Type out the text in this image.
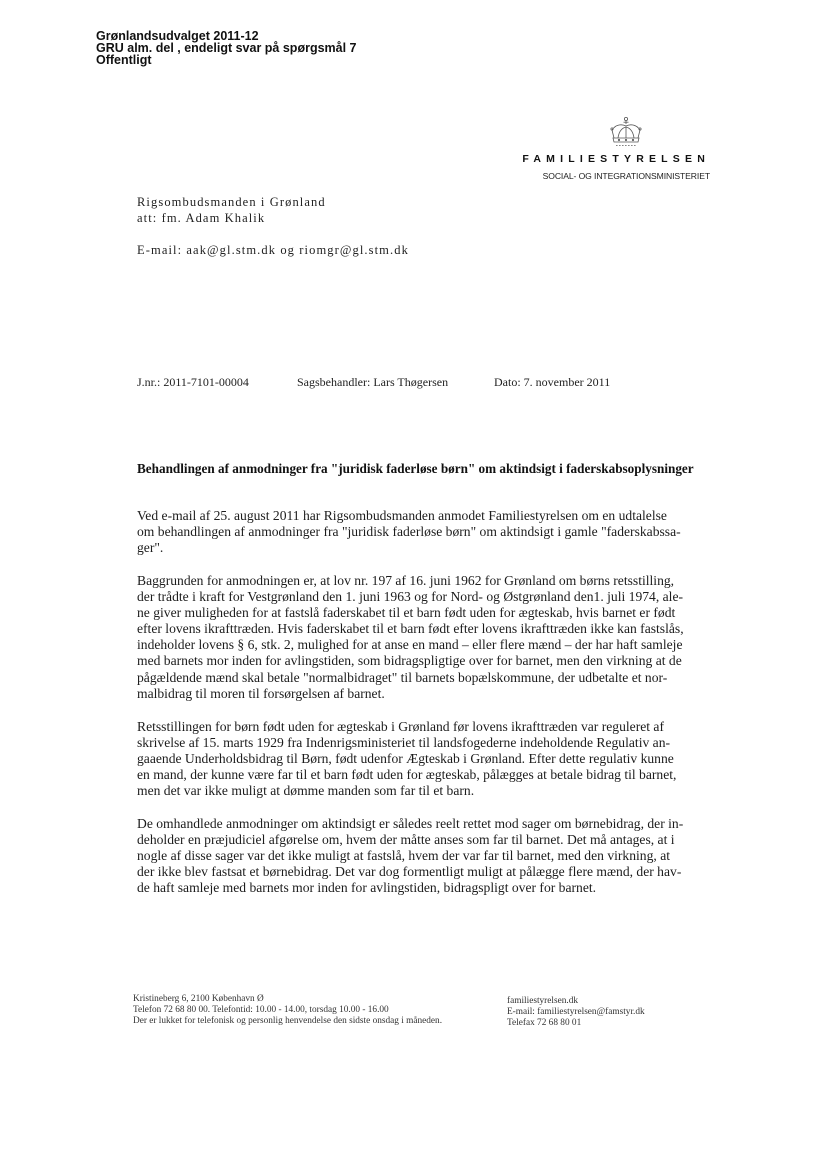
Grønlandsudvalget 2011-12
GRU alm. del , endeligt svar på spørgsmål 7
Offentligt
FAMILIESTYRELSEN
SOCIAL- OG INTEGRATIONSMINISTERIET
Rigsombudsmanden i Grønland
att: fm. Adam Khalik
E-mail: aak@gl.stm.dk og riomgr@gl.stm.dk
J.nr.: 2011-7101-00004	Sagsbehandler: Lars Thøgersen	Dato: 7. november 2011
Behandlingen af anmodninger fra "juridisk faderløse børn" om aktindsigt i faderskabsoplysninger
Ved e-mail af 25. august 2011 har Rigsombudsmanden anmodet Familiestyrelsen om en udtalelse
om behandlingen af anmodninger fra "juridisk faderløse børn" om aktindsigt i gamle "faderskabssa-
ger".
Baggrunden for anmodningen er, at lov nr. 197 af 16. juni 1962 for Grønland om børns retsstilling,
der trådte i kraft for Vestgrønland den 1. juni 1963 og for Nord- og Østgrønland den1. juli 1974, ale-
ne giver muligheden for at fastslå faderskabet til et barn født uden for ægteskab, hvis barnet er født
efter lovens ikrafttræden. Hvis faderskabet til et barn født efter lovens ikrafttræden ikke kan fastslås,
indeholder lovens § 6, stk. 2, mulighed for at anse en mand – eller flere mænd – der har haft samleje
med barnets mor inden for avlingstiden, som bidragspligtige over for barnet, men den virkning at de
pågældende mænd skal betale "normalbidraget" til barnets bopælskommune, der udbetalte et nor-
malbidrag til moren til forsørgelsen af barnet.
Retsstillingen for børn født uden for ægteskab i Grønland før lovens ikrafttræden var reguleret af
skrivelse af 15. marts 1929 fra Indenrigsministeriet til landsfogederne indeholdende Regulativ an-
gaaende Underholdsbidrag til Børn, født udenfor Ægteskab i Grønland. Efter dette regulativ kunne
en mand, der kunne være far til et barn født uden for ægteskab, pålægges at betale bidrag til barnet,
men det var ikke muligt at dømme manden som far til et barn.
De omhandlede anmodninger om aktindsigt er således reelt rettet mod sager om børnebidrag, der in-
deholder en præjudiciel afgørelse om, hvem der måtte anses som far til barnet. Det må antages, at i
nogle af disse sager var det ikke muligt at fastslå, hvem der var far til barnet, med den virkning, at
der ikke blev fastsat et børnebidrag. Det var dog formentligt muligt at pålægge flere mænd, der hav-
de haft samleje med barnets mor inden for avlingstiden, bidragspligt over for barnet.
Kristineberg 6, 2100 København Ø
Telefon 72 68 80 00. Telefontid: 10.00 - 14.00, torsdag 10.00 - 16.00
Der er lukket for telefonisk og personlig henvendelse den sidste onsdag i måneden.
familiestyrelsen.dk
E-mail: familiestyrelsen@famstyr.dk
Telefax 72 68 80 01
